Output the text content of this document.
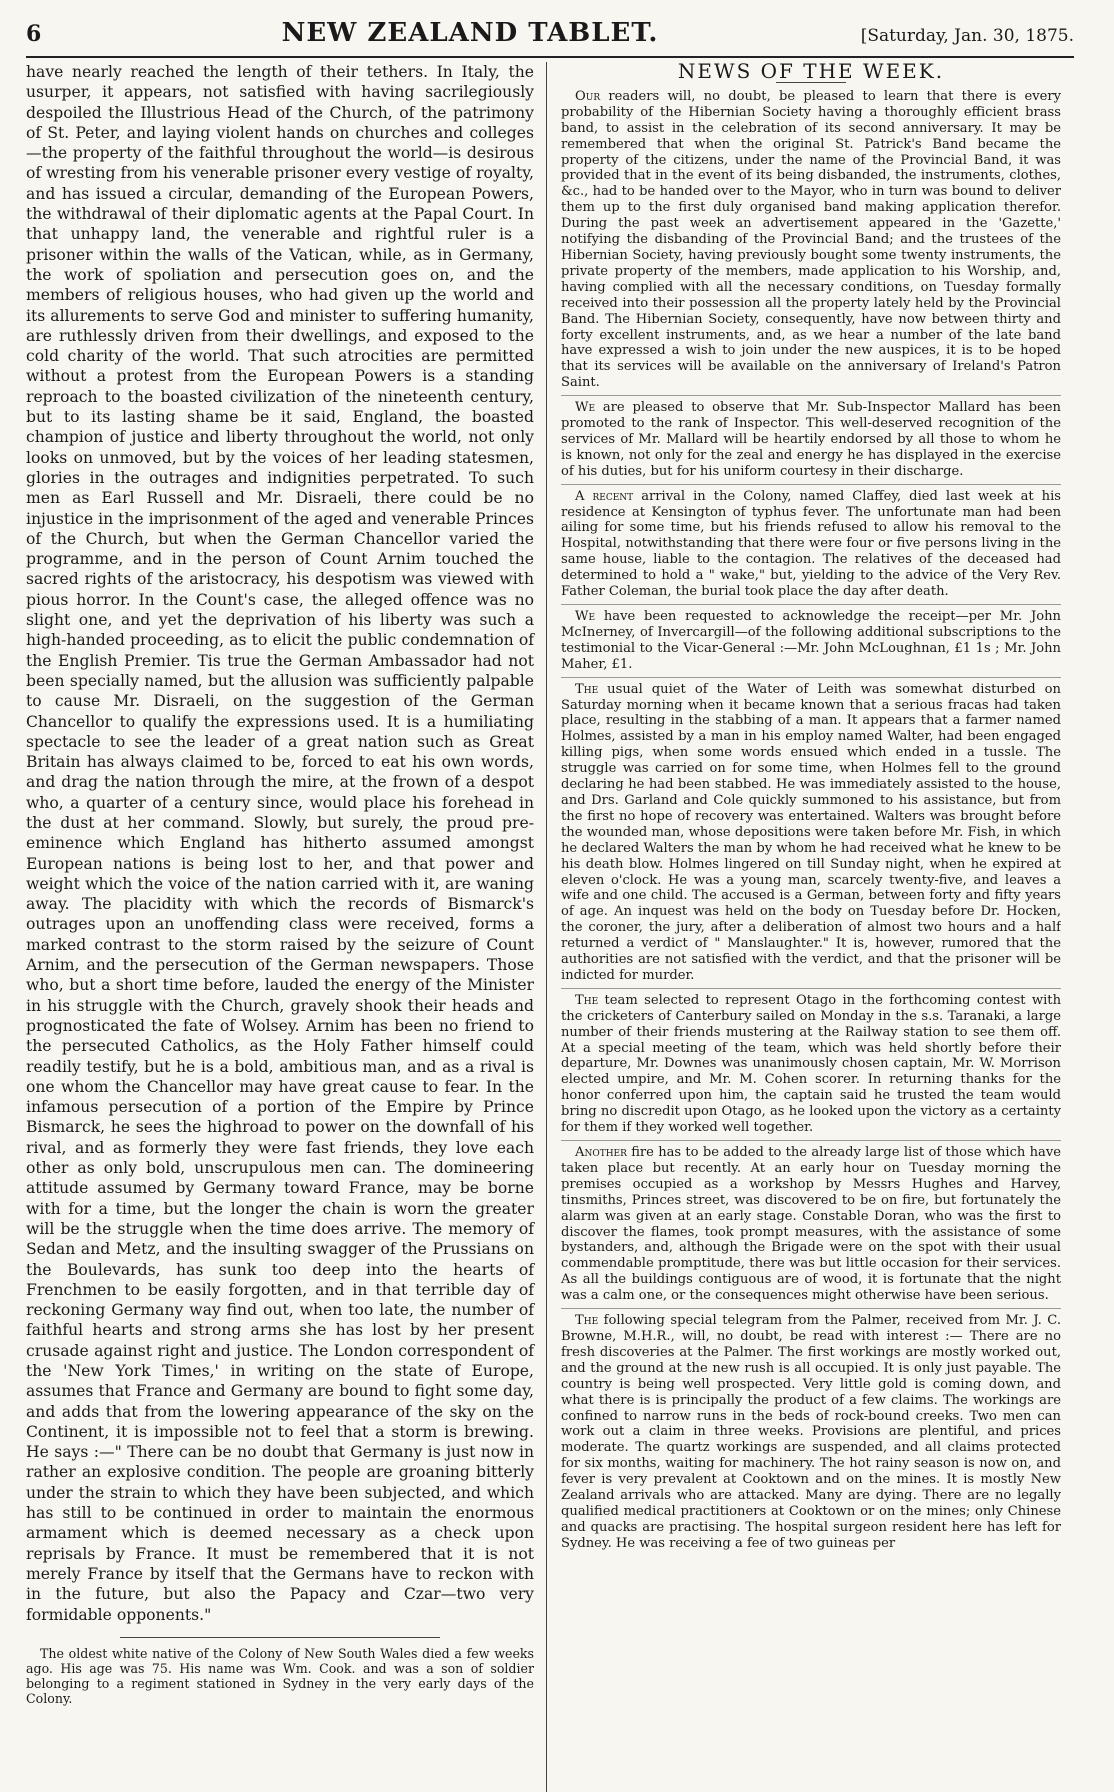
6	NEW ZEALAND TABLET.	[Saturday, Jan. 30, 1875.

have nearly reached the length of their tethers. In Italy, the usurper, it appears, not satisfied with having sacrilegiously despoiled the Illustrious Head of the Church, of the patrimony of St. Peter, and laying violent hands on churches and colleges—the property of the faithful throughout the world—is desirous of wresting from his venerable prisoner every vestige of royalty, and has issued a circular, demanding of the European Powers, the withdrawal of their diplomatic agents at the Papal Court. In that unhappy land, the venerable and rightful ruler is a prisoner within the walls of the Vatican, while, as in Germany, the work of spoliation and persecution goes on, and the members of religious houses, who had given up the world and its allurements to serve God and minister to suffering humanity, are ruthlessly driven from their dwellings, and exposed to the cold charity of the world. That such atrocities are permitted without a protest from the European Powers is a standing reproach to the boasted civilization of the nineteenth century, but to its lasting shame be it said, England, the boasted champion of justice and liberty throughout the world, not only looks on unmoved, but by the voices of her leading statesmen, glories in the outrages and indignities perpetrated. To such men as Earl Russell and Mr. Disraeli, there could be no injustice in the imprisonment of the aged and venerable Princes of the Church, but when the German Chancellor varied the programme, and in the person of Count Arnim touched the sacred rights of the aristocracy, his despotism was viewed with pious horror. In the Count's case, the alleged offence was no slight one, and yet the deprivation of his liberty was such a high-handed proceeding, as to elicit the public condemnation of the English Premier. Tis true the German Ambassador had not been specially named, but the allusion was sufficiently palpable to cause Mr. Disraeli, on the suggestion of the German Chancellor to qualify the expressions used. It is a humiliating spectacle to see the leader of a great nation such as Great Britain has always claimed to be, forced to eat his own words, and drag the nation through the mire, at the frown of a despot who, a quarter of a century since, would place his forehead in the dust at her command. Slowly, but surely, the proud pre-eminence which England has hitherto assumed amongst European nations is being lost to her, and that power and weight which the voice of the nation carried with it, are waning away. The placidity with which the records of Bismarck's outrages upon an unoffending class were received, forms a marked contrast to the storm raised by the seizure of Count Arnim, and the persecution of the German newspapers. Those who, but a short time before, lauded the energy of the Minister in his struggle with the Church, gravely shook their heads and prognosticated the fate of Wolsey. Arnim has been no friend to the persecuted Catholics, as the Holy Father himself could readily testify, but he is a bold, ambitious man, and as a rival is one whom the Chancellor may have great cause to fear. In the infamous persecution of a portion of the Empire by Prince Bismarck, he sees the highroad to power on the downfall of his rival, and as formerly they were fast friends, they love each other as only bold, unscrupulous men can. The domineering attitude assumed by Germany toward France, may be borne with for a time, but the longer the chain is worn the greater will be the struggle when the time does arrive. The memory of Sedan and Metz, and the insulting swagger of the Prussians on the Boulevards, has sunk too deep into the hearts of Frenchmen to be easily forgotten, and in that terrible day of reckoning Germany way find out, when too late, the number of faithful hearts and strong arms she has lost by her present crusade against right and justice. The London correspondent of the 'New York Times,' in writing on the state of Europe, assumes that France and Germany are bound to fight some day, and adds that from the lowering appearance of the sky on the Continent, it is impossible not to feel that a storm is brewing. He says :—" There can be no doubt that Germany is just now in rather an explosive condition. The people are groaning bitterly under the strain to which they have been subjected, and which has still to be continued in order to maintain the enormous armament which is deemed necessary as a check upon reprisals by France. It must be remembered that it is not merely France by itself that the Germans have to reckon with in the future, but also the Papacy and Czar—two very formidable opponents."

The oldest white native of the Colony of New South Wales died a few weeks ago. His age was 75. His name was Wm. Cook. and was a son of soldier belonging to a regiment stationed in Sydney in the very early days of the Colony.
NEWS OF THE WEEK.
Our readers will, no doubt, be pleased to learn that there is every probability of the Hibernian Society having a thoroughly efficient brass band, to assist in the celebration of its second anniversary. It may be remembered that when the original St. Patrick's Band became the property of the citizens, under the name of the Provincial Band, it was provided that in the event of its being disbanded, the instruments, clothes, &c., had to be handed over to the Mayor, who in turn was bound to deliver them up to the first duly organised band making application therefor. During the past week an advertisement appeared in the 'Gazette,' notifying the disbanding of the Provincial Band; and the trustees of the Hibernian Society, having previously bought some twenty instruments, the private property of the members, made application to his Worship, and, having complied with all the necessary conditions, on Tuesday formally received into their possession all the property lately held by the Provincial Band. The Hibernian Society, consequently, have now between thirty and forty excellent instruments, and, as we hear a number of the late band have expressed a wish to join under the new auspices, it is to be hoped that its services will be available on the anniversary of Ireland's Patron Saint.
We are pleased to observe that Mr. Sub-Inspector Mallard has been promoted to the rank of Inspector. This well-deserved recognition of the services of Mr. Mallard will be heartily endorsed by all those to whom he is known, not only for the zeal and energy he has displayed in the exercise of his duties, but for his uniform courtesy in their discharge.
A recent arrival in the Colony, named Claffey, died last week at his residence at Kensington of typhus fever. The unfortunate man had been ailing for some time, but his friends refused to allow his removal to the Hospital, notwithstanding that there were four or five persons living in the same house, liable to the contagion. The relatives of the deceased had determined to hold a " wake," but, yielding to the advice of the Very Rev. Father Coleman, the burial took place the day after death.
We have been requested to acknowledge the receipt—per Mr. John McInerney, of Invercargill—of the following additional subscriptions to the testimonial to the Vicar-General :—Mr. John McLoughnan, £1 1s ; Mr. John Maher, £1.
The usual quiet of the Water of Leith was somewhat disturbed on Saturday morning when it became known that a serious fracas had taken place, resulting in the stabbing of a man. It appears that a farmer named Holmes, assisted by a man in his employ named Walter, had been engaged killing pigs, when some words ensued which ended in a tussle. The struggle was carried on for some time, when Holmes fell to the ground declaring he had been stabbed. He was immediately assisted to the house, and Drs. Garland and Cole quickly summoned to his assistance, but from the first no hope of recovery was entertained. Walters was brought before the wounded man, whose depositions were taken before Mr. Fish, in which he declared Walters the man by whom he had received what he knew to be his death blow. Holmes lingered on till Sunday night, when he expired at eleven o'clock. He was a young man, scarcely twenty-five, and leaves a wife and one child. The accused is a German, between forty and fifty years of age. An inquest was held on the body on Tuesday before Dr. Hocken, the coroner, the jury, after a deliberation of almost two hours and a half returned a verdict of " Manslaughter." It is, however, rumored that the authorities are not satisfied with the verdict, and that the prisoner will be indicted for murder.
The team selected to represent Otago in the forthcoming contest with the cricketers of Canterbury sailed on Monday in the s.s. Taranaki, a large number of their friends mustering at the Railway station to see them off. At a special meeting of the team, which was held shortly before their departure, Mr. Downes was unanimously chosen captain, Mr. W. Morrison elected umpire, and Mr. M. Cohen scorer. In returning thanks for the honor conferred upon him, the captain said he trusted the team would bring no discredit upon Otago, as he looked upon the victory as a certainty for them if they worked well together.
Another fire has to be added to the already large list of those which have taken place but recently. At an early hour on Tuesday morning the premises occupied as a workshop by Messrs Hughes and Harvey, tinsmiths, Princes street, was discovered to be on fire, but fortunately the alarm was given at an early stage. Constable Doran, who was the first to discover the flames, took prompt measures, with the assistance of some bystanders, and, although the Brigade were on the spot with their usual commendable promptitude, there was but little occasion for their services. As all the buildings contiguous are of wood, it is fortunate that the night was a calm one, or the consequences might otherwise have been serious.
The following special telegram from the Palmer, received from Mr. J. C. Browne, M.H.R., will, no doubt, be read with interest :— There are no fresh discoveries at the Palmer. The first workings are mostly worked out, and the ground at the new rush is all occupied. It is only just payable. The country is being well prospected. Very little gold is coming down, and what there is is principally the product of a few claims. The workings are confined to narrow runs in the beds of rock-bound creeks. Two men can work out a claim in three weeks. Provisions are plentiful, and prices moderate. The quartz workings are suspended, and all claims protected for six months, waiting for machinery. The hot rainy season is now on, and fever is very prevalent at Cooktown and on the mines. It is mostly New Zealand arrivals who are attacked. Many are dying. There are no legally qualified medical practitioners at Cooktown or on the mines; only Chinese and quacks are practising. The hospital surgeon resident here has left for Sydney. He was receiving a fee of two guineas per
